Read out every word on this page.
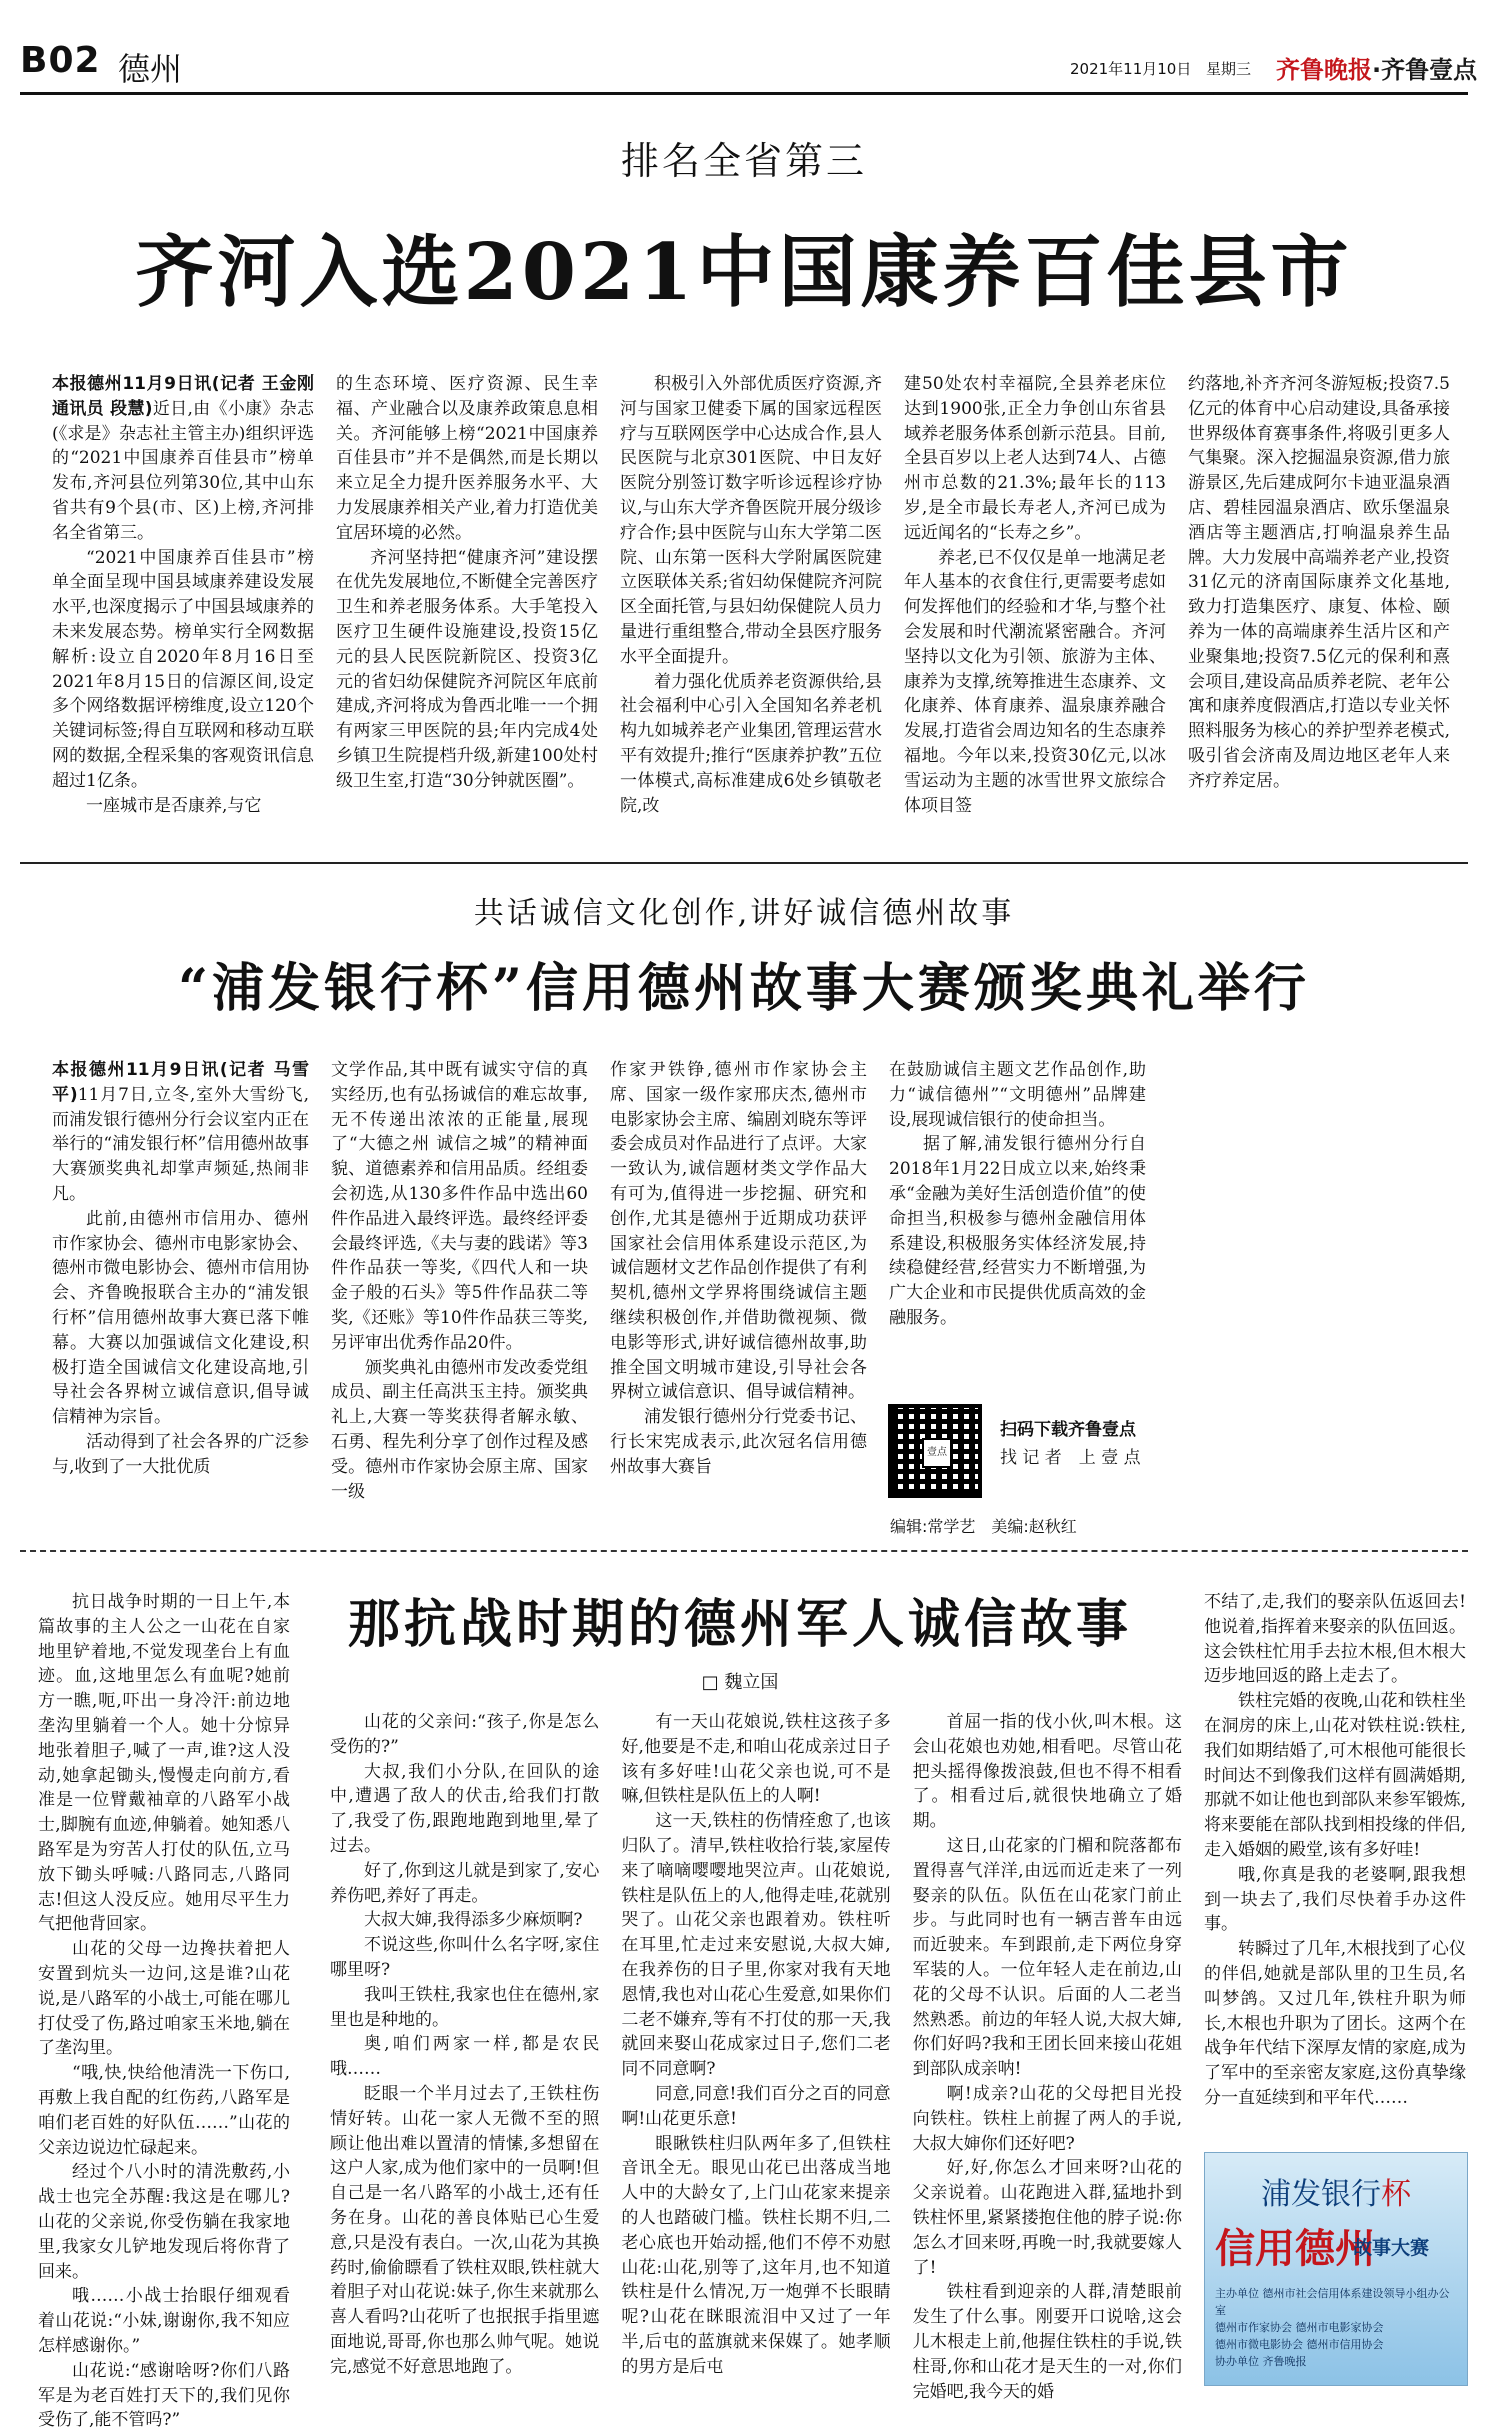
B02 德州	2021年11月10日 星期三 齐鲁晚报·齐鲁壹点
排名全省第三
齐河入选2021中国康养百佳县市

本报德州11月9日讯(记者 王金刚 通讯员 段慧)近日,由《小康》杂志(《求是》杂志社主管主办)组织评选的“2021中国康养百佳县市”榜单发布,齐河县位列第30位,其中山东省共有9个县(市、区)上榜,齐河排名全省第三。

“2021中国康养百佳县市”榜单全面呈现中国县域康养建设发展水平,也深度揭示了中国县域康养的未来发展态势。榜单实行全网数据解析:设立自2020年8月16日至2021年8月15日的信源区间,设定多个网络数据评榜维度,设立120个关键词标签;得自互联网和移动互联网的数据,全程采集的客观资讯信息超过1亿条。

一座城市是否康养,与它

的生态环境、医疗资源、民生幸福、产业融合以及康养政策息息相关。齐河能够上榜“2021中国康养百佳县市”并不是偶然,而是长期以来立足全力提升医养服务水平、大力发展康养相关产业,着力打造优美宜居环境的必然。

齐河坚持把“健康齐河”建设摆在优先发展地位,不断健全完善医疗卫生和养老服务体系。大手笔投入医疗卫生硬件设施建设,投资15亿元的县人民医院新院区、投资3亿元的省妇幼保健院齐河院区年底前建成,齐河将成为鲁西北唯一一个拥有两家三甲医院的县;年内完成4处乡镇卫生院提档升级,新建100处村级卫生室,打造“30分钟就医圈”。

积极引入外部优质医疗资源,齐河与国家卫健委下属的国家远程医疗与互联网医学中心达成合作,县人民医院与北京301医院、中日友好医院分别签订数字听诊远程诊疗协议,与山东大学齐鲁医院开展分级诊疗合作;县中医院与山东大学第二医院、山东第一医科大学附属医院建立医联体关系;省妇幼保健院齐河院区全面托管,与县妇幼保健院人员力量进行重组整合,带动全县医疗服务水平全面提升。

着力强化优质养老资源供给,县社会福利中心引入全国知名养老机构九如城养老产业集团,管理运营水平有效提升;推行“医康养护教”五位一体模式,高标准建成6处乡镇敬老院,改

建50处农村幸福院,全县养老床位达到1900张,正全力争创山东省县域养老服务体系创新示范县。目前,全县百岁以上老人达到74人、占德州市总数的21.3%;最年长的113岁,是全市最长寿老人,齐河已成为远近闻名的“长寿之乡”。

养老,已不仅仅是单一地满足老年人基本的衣食住行,更需要考虑如何发挥他们的经验和才华,与整个社会发展和时代潮流紧密融合。齐河坚持以文化为引领、旅游为主体、康养为支撑,统筹推进生态康养、文化康养、体育康养、温泉康养融合发展,打造省会周边知名的生态康养福地。今年以来,投资30亿元,以冰雪运动为主题的冰雪世界文旅综合体项目签

约落地,补齐齐河冬游短板;投资7.5亿元的体育中心启动建设,具备承接世界级体育赛事条件,将吸引更多人气集聚。深入挖掘温泉资源,借力旅游景区,先后建成阿尔卡迪亚温泉酒店、碧桂园温泉酒店、欧乐堡温泉酒店等主题酒店,打响温泉养生品牌。大力发展中高端养老产业,投资31亿元的济南国际康养文化基地,致力打造集医疗、康复、体检、颐养为一体的高端康养生活片区和产业聚集地;投资7.5亿元的保利和熹会项目,建设高品质养老院、老年公寓和康养度假酒店,打造以专业关怀照料服务为核心的养护型养老模式,吸引省会济南及周边地区老年人来齐疗养定居。

共话诚信文化创作,讲好诚信德州故事
“浦发银行杯”信用德州故事大赛颁奖典礼举行

本报德州11月9日讯(记者 马雪平)11月7日,立冬,室外大雪纷飞,而浦发银行德州分行会议室内正在举行的“浦发银行杯”信用德州故事大赛颁奖典礼却掌声频延,热闹非凡。

此前,由德州市信用办、德州市作家协会、德州市电影家协会、德州市微电影协会、德州市信用协会、齐鲁晚报联合主办的“浦发银行杯”信用德州故事大赛已落下帷幕。大赛以加强诚信文化建设,积极打造全国诚信文化建设高地,引导社会各界树立诚信意识,倡导诚信精神为宗旨。

活动得到了社会各界的广泛参与,收到了一大批优质

文学作品,其中既有诚实守信的真实经历,也有弘扬诚信的难忘故事,无不传递出浓浓的正能量,展现了“大德之州 诚信之城”的精神面貌、道德素养和信用品质。经组委会初选,从130多件作品中选出60件作品进入最终评选。最终经评委会最终评选,《夫与妻的践诺》等3件作品获一等奖,《四代人和一块金子般的石头》等5件作品获二等奖,《还账》等10件作品获三等奖,另评审出优秀作品20件。

颁奖典礼由德州市发改委党组成员、副主任高洪玉主持。颁奖典礼上,大赛一等奖获得者解永敏、石勇、程先利分享了创作过程及感受。德州市作家协会原主席、国家一级

作家尹铁铮,德州市作家协会主席、国家一级作家邢庆杰,德州市电影家协会主席、编剧刘晓东等评委会成员对作品进行了点评。大家一致认为,诚信题材类文学作品大有可为,值得进一步挖掘、研究和创作,尤其是德州于近期成功获评国家社会信用体系建设示范区,为诚信题材文艺作品创作提供了有利契机,德州文学界将围绕诚信主题继续积极创作,并借助微视频、微电影等形式,讲好诚信德州故事,助推全国文明城市建设,引导社会各界树立诚信意识、倡导诚信精神。

浦发银行德州分行党委书记、行长宋宪成表示,此次冠名信用德州故事大赛旨

在鼓励诚信主题文艺作品创作,助力“诚信德州”“文明德州”品牌建设,展现诚信银行的使命担当。

据了解,浦发银行德州分行自2018年1月22日成立以来,始终秉承“金融为美好生活创造价值”的使命担当,积极参与德州金融信用体系建设,积极服务实体经济发展,持续稳健经营,经营实力不断增强,为广大企业和市民提供优质高效的金融服务。

壹点
扫码下载齐鲁壹点
找 记 者　上 壹 点
编辑:常学艺　美编:赵秋红

抗日战争时期的一日上午,本篇故事的主人公之一山花在自家地里铲着地,不觉发现垄台上有血迹。血,这地里怎么有血呢?她前方一瞧,呃,吓出一身冷汗:前边地垄沟里躺着一个人。她十分惊异地张着胆子,喊了一声,谁?这人没动,她拿起锄头,慢慢走向前方,看准是一位臂戴袖章的八路军小战士,脚腕有血迹,伸躺着。她知悉八路军是为穷苦人打仗的队伍,立马放下锄头呼喊:八路同志,八路同志!但这人没反应。她用尽平生力气把他背回家。

山花的父母一边搀扶着把人安置到炕头一边问,这是谁?山花说,是八路军的小战士,可能在哪儿打仗受了伤,路过咱家玉米地,躺在了垄沟里。

“哦,快,快给他清洗一下伤口,再敷上我自配的红伤药,八路军是咱们老百姓的好队伍……”山花的父亲边说边忙碌起来。

经过个八小时的清洗敷药,小战士也完全苏醒:我这是在哪儿?山花的父亲说,你受伤躺在我家地里,我家女儿铲地发现后将你背了回来。

哦……小战士抬眼仔细观看着山花说:“小妹,谢谢你,我不知应怎样感谢你。”

山花说:“感谢啥呀?你们八路军是为老百姓打天下的,我们见你受伤了,能不管吗?”

那抗战时期的德州军人诚信故事
□ 魏立国

山花的父亲问:“孩子,你是怎么受伤的?”

大叔,我们小分队,在回队的途中,遭遇了敌人的伏击,给我们打散了,我受了伤,跟跑地跑到地里,晕了过去。

好了,你到这儿就是到家了,安心养伤吧,养好了再走。

大叔大婶,我得添多少麻烦啊?

不说这些,你叫什么名字呀,家住哪里呀?

我叫王铁柱,我家也住在德州,家里也是种地的。

奥,咱们两家一样,都是农民哦……

眨眼一个半月过去了,王铁柱伤情好转。山花一家人无微不至的照顾让他出难以置清的情愫,多想留在这户人家,成为他们家中的一员啊!但自己是一名八路军的小战士,还有任务在身。山花的善良体贴已心生爱意,只是没有表白。一次,山花为其换药时,偷偷瞟看了铁柱双眼,铁柱就大着胆子对山花说:妹子,你生来就那么喜人看吗?山花听了也抿抿手指里遮面地说,哥哥,你也那么帅气呢。她说完,感觉不好意思地跑了。

有一天山花娘说,铁柱这孩子多好,他要是不走,和咱山花成亲过日子该有多好哇!山花父亲也说,可不是嘛,但铁柱是队伍上的人啊!

这一天,铁柱的伤情痊愈了,也该归队了。清早,铁柱收拾行装,家屋传来了嘀嘀嘤嘤地哭泣声。山花娘说,铁柱是队伍上的人,他得走哇,花就别哭了。山花父亲也跟着劝。铁柱听在耳里,忙走过来安慰说,大叔大婶,在我养伤的日子里,你家对我有天地恩情,我也对山花心生爱意,如果你们二老不嫌弃,等有不打仗的那一天,我就回来娶山花成家过日子,您们二老同不同意啊?

同意,同意!我们百分之百的同意啊!山花更乐意!

眼瞅铁柱归队两年多了,但铁柱音讯全无。眼见山花已出落成当地人中的大龄女了,上门山花家来提亲的人也踏破门槛。铁柱长期不归,二老心底也开始动摇,他们不停不劝慰山花:山花,别等了,这年月,也不知道铁柱是什么情况,万一炮弹不长眼睛呢?山花在眯眼流泪中又过了一年半,后屯的蓝旗就来保媒了。她孝顺的男方是后屯

首屈一指的伐小伙,叫木根。这会山花娘也劝她,相看吧。尽管山花把头摇得像拨浪鼓,但也不得不相看了。相看过后,就很快地确立了婚期。

这日,山花家的门楣和院落都布置得喜气洋洋,由远而近走来了一列娶亲的队伍。队伍在山花家门前止步。与此同时也有一辆吉普车由远而近驶来。车到跟前,走下两位身穿军装的人。一位年轻人走在前边,山花的父母不认识。后面的人二老当然熟悉。前边的年轻人说,大叔大婶,你们好吗?我和王团长回来接山花姐到部队成亲呐!

啊!成亲?山花的父母把目光投向铁柱。铁柱上前握了两人的手说,大叔大婶你们还好吧?

好,好,你怎么才回来呀?山花的父亲说着。山花跑进入群,猛地扑到铁柱怀里,紧紧搂抱住他的脖子说:你怎么才回来呀,再晚一时,我就要嫁人了!

铁柱看到迎亲的人群,清楚眼前发生了什么事。刚要开口说啥,这会儿木根走上前,他握住铁柱的手说,铁柱哥,你和山花才是天生的一对,你们完婚吧,我今天的婚

不结了,走,我们的娶亲队伍返回去!他说着,指挥着来娶亲的队伍回返。这会铁柱忙用手去拉木根,但木根大迈步地回返的路上走去了。

铁柱完婚的夜晚,山花和铁柱坐在洞房的床上,山花对铁柱说:铁柱,我们如期结婚了,可木根他可能很长时间达不到像我们这样有圆满婚期,那就不如让他也到部队来参军锻炼,将来要能在部队找到相投缘的伴侣,走入婚姻的殿堂,该有多好哇!

哦,你真是我的老婆啊,跟我想到一块去了,我们尽快着手办这件事。

转瞬过了几年,木根找到了心仪的伴侣,她就是部队里的卫生员,名叫梦鸽。又过几年,铁柱升职为师长,木根也升职为了团长。这两个在战争年代结下深厚友情的家庭,成为了军中的至亲密友家庭,这份真挚缘分一直延续到和平年代……

浦发银行杯
信用德州
故事大赛
主办单位 德州市社会信用体系建设领导小组办公室
德州市作家协会 德州市电影家协会
德州市微电影协会 德州市信用协会
协办单位 齐鲁晚报
